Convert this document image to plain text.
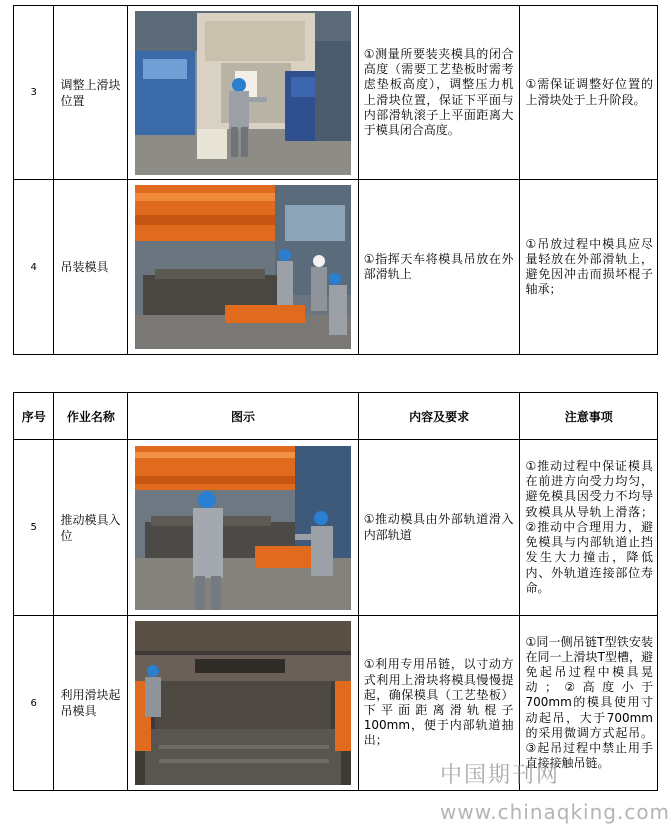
3	调整上滑块位置		①测量所要装夹模具的闭合高度（需要工艺垫板时需考虑垫板高度），调整压力机上滑块位置，保证下平面与内部滑轨滚子上平面距离大于模具闭合高度。	①需保证调整好位置的上滑块处于上升阶段。

4	吊装模具		①指挥天车将模具吊放在外部滑轨上	①吊放过程中模具应尽量轻放在外部滑轨上，避免因冲击而损坏棍子轴承；
序号	作业名称	图示	内容及要求	注意事项
5	推动模具入位		①推动模具由外部轨道滑入内部轨道	①推动过程中保证模具在前进方向受力均匀，避免模具因受力不均导致模具从导轨上滑落；②推动中合理用力，避免模具与内部轨道止挡发生大力撞击，降低内、外轨道连接部位寿命。

6	利用滑块起吊模具		①利用专用吊链，以寸动方式利用上滑块将模具慢慢提起，确保模具（工艺垫板）下平面距离滑轨棍子100mm，便于内部轨道抽出；	①同一侧吊链T型铁安装在同一上滑块T型槽，避免起吊过程中模具晃动；②高度小于700mm的模具使用寸动起吊，大于700mm的采用微调方式起吊。③起吊过程中禁止用手直接接触吊链。
中国期刊网
www.chinaqking.com
